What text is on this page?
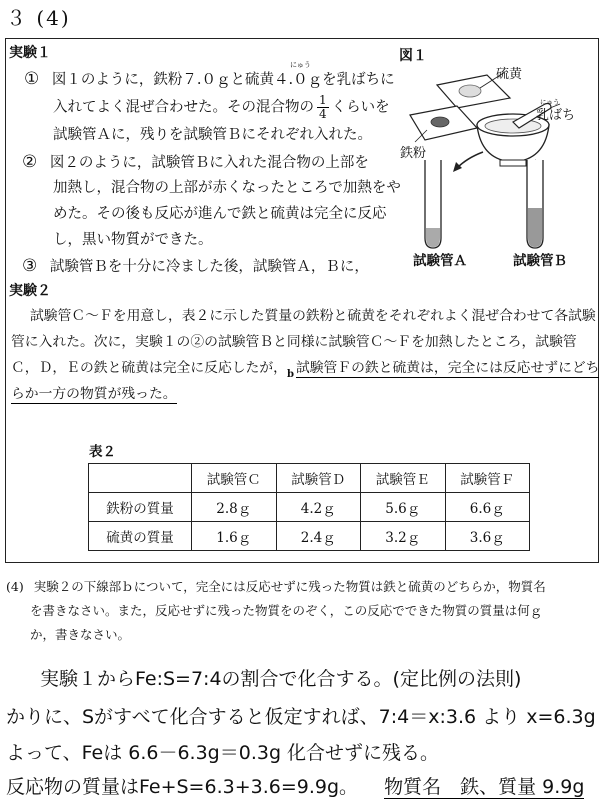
３ (4)
実験１
① 図１のように，鉄粉７.０ｇと硫黄４.０ｇを乳ばちに
にゅう
入れてよく混ぜ合わせた。その混合物の $\frac{1}{4}$ くらいを
試験管Ａに，残りを試験管Ｂにそれぞれ入れた。
② 図２のように，試験管Ｂに入れた混合物の上部を
加熱し，混合物の上部が赤くなったところで加熱をや
めた。その後も反応が進んで鉄と硫黄は完全に反応
し，黒い物質ができた。
③ 試験管Ｂを十分に冷ました後，試験管Ａ，Ｂに，
図１
硫黄
にゅう
乳ばち
鉄粉
試験管Ａ	試験管Ｂ
実験２
試験管Ｃ～Ｆを用意し，表２に示した質量の鉄粉と硫黄をそれぞれよく混ぜ合わせて各試験
管に入れた。次に，実験１の②の試験管Ｂと同様に試験管Ｃ～Ｆを加熱したところ，試験管
Ｃ，Ｄ，Ｅの鉄と硫黄は完全に反応したが，$_b$ 試験管Ｆの鉄と硫黄は，完全には反応せずにどち
らか一方の物質が残った。
表２
	試験管Ｃ	試験管Ｄ	試験管Ｅ	試験管Ｆ
鉄粉の質量	2.8ｇ	4.2ｇ	5.6ｇ	6.6ｇ
硫黄の質量	1.6ｇ	2.4ｇ	3.2ｇ	3.6ｇ
(4) 実験２の下線部ｂについて，完全には反応せずに残った物質は鉄と硫黄のどちらか，物質名
を書きなさい。また，反応せずに残った物質をのぞく，この反応でできた物質の質量は何ｇ
か，書きなさい。
実験１からFe:S=7:4の割合で化合する。(定比例の法則)
かりに、Sがすべて化合すると仮定すれば、7:4＝x:3.6 より x=6.3g
よって、Feは 6.6－6.3g＝0.3g 化合せずに残る。
反応物の質量はFe+S=6.3+3.6=9.9g。 物質名　鉄、質量 9.9g
